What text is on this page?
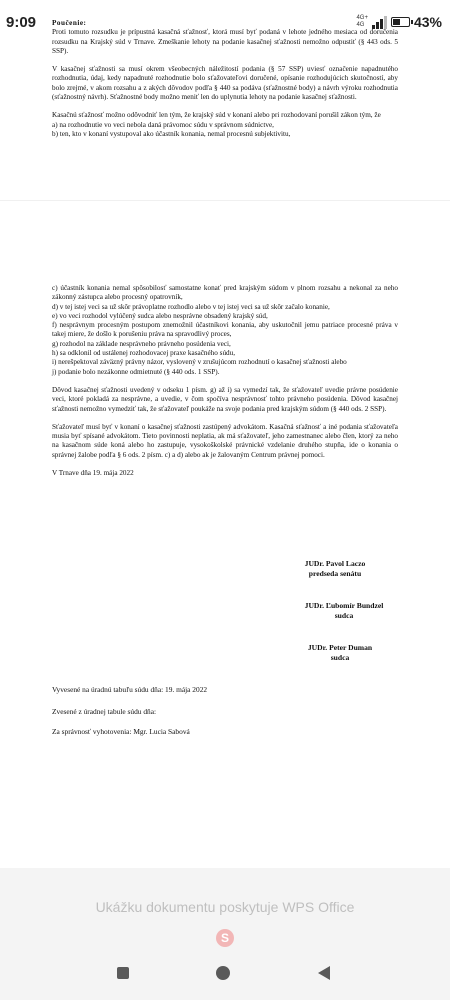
9:09	4G+
4G	43%

Poučenie:

Proti tomuto rozsudku je prípustná kasačná sťažnosť, ktorá musí byť podaná v lehote jedného mesiaca od doručenia rozsudku na Krajský súd v Trnave. Zmeškanie lehoty na podanie kasačnej sťažnosti nemožno odpustiť (§ 443 ods. 5 SSP).

V kasačnej sťažnosti sa musí okrem všeobecných náležitostí podania (§ 57 SSP) uviesť označenie napadnutého rozhodnutia, údaj, kedy napadnuté rozhodnutie bolo sťažovateľovi doručené, opísanie rozhodujúcich skutočností, aby bolo zrejmé, v akom rozsahu a z akých dôvodov podľa § 440 sa podáva (sťažnostné body) a návrh výroku rozhodnutia (sťažnostný návrh). Sťažnostné body možno meniť len do uplynutia lehoty na podanie kasačnej sťažnosti.

Kasačnú sťažnosť možno odôvodniť len tým, že krajský súd v konaní alebo pri rozhodovaní porušil zákon tým, že

a) na rozhodnutie vo veci nebola daná právomoc súdu v správnom súdnictve,

b) ten, kto v konaní vystupoval ako účastník konania, nemal procesnú subjektivitu,

c) účastník konania nemal spôsobilosť samostatne konať pred krajským súdom v plnom rozsahu a nekonal za neho zákonný zástupca alebo procesný opatrovník,

d) v tej istej veci sa už skôr právoplatne rozhodlo alebo v tej istej veci sa už skôr začalo konanie,

e) vo veci rozhodol vylúčený sudca alebo nesprávne obsadený krajský súd,

f) nesprávnym procesným postupom znemožnil účastníkovi konania, aby uskutočnil jemu patriace procesné práva v takej miere, že došlo k porušeniu práva na spravodlivý proces,

g) rozhodol na základe nesprávneho právneho posúdenia veci,

h) sa odklonil od ustálenej rozhodovacej praxe kasačného súdu,

i) nerešpektoval záväzný právny názor, vyslovený v zrušujúcom rozhodnutí o kasačnej sťažnosti alebo

j) podanie bolo nezákonne odmietnuté (§ 440 ods. 1 SSP).

Dôvod kasačnej sťažnosti uvedený v odseku 1 písm. g) až i) sa vymedzí tak, že sťažovateľ uvedie právne posúdenie veci, ktoré pokladá za nesprávne, a uvedie, v čom spočíva nesprávnosť tohto právneho posúdenia. Dôvod kasačnej sťažnosti nemožno vymedziť tak, že sťažovateľ poukáže na svoje podania pred krajským súdom (§ 440 ods. 2 SSP).

Sťažovateľ musí byť v konaní o kasačnej sťažnosti zastúpený advokátom. Kasačná sťažnosť a iné podania sťažovateľa musia byť spísané advokátom. Tieto povinnosti neplatia, ak má sťažovateľ, jeho zamestnanec alebo člen, ktorý za neho na kasačnom súde koná alebo ho zastupuje, vysokoškolské právnické vzdelanie druhého stupňa, ide o konania o správnej žalobe podľa § 6 ods. 2 písm. c) a d) alebo ak je žalovaným Centrum právnej pomoci.

V Trnave dňa 19. mája 2022

JUDr. Pavol Laczo
predseda senátu
JUDr. Ľubomír Bundzel
sudca
JUDr. Peter Duman
sudca
Vyvesené na úradnú tabuľu súdu dňa: 19. mája 2022
Zvesené z úradnej tabule súdu dňa:
Za správnosť vyhotovenia: Mgr. Lucia Sabová
Ukážku dokumentu poskytuje WPS Office
S
